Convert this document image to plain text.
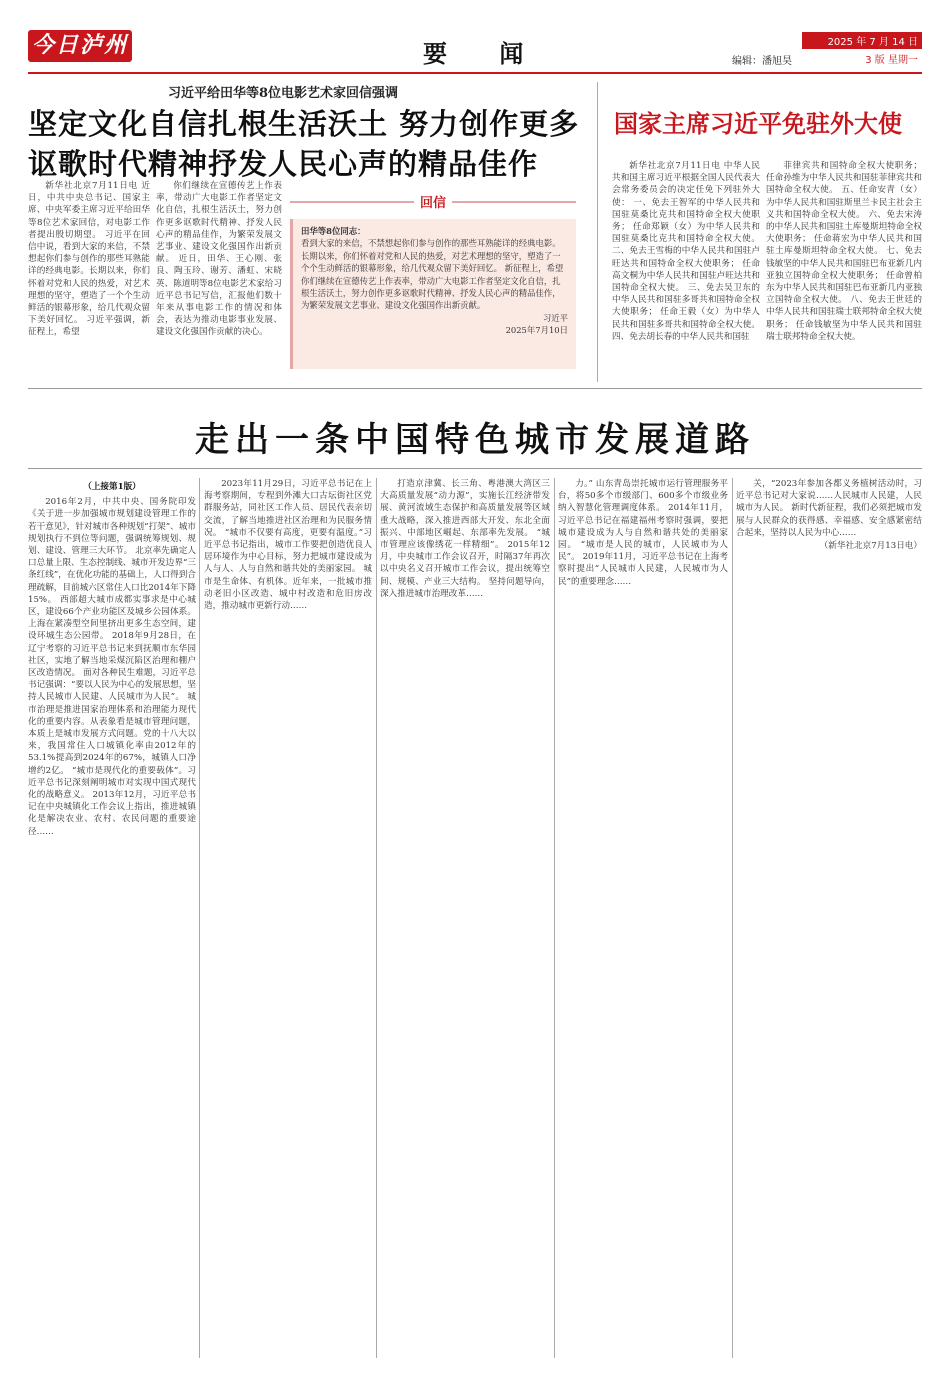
今日泸州	要 闻	编辑：潘旭昊
2025 年 7 月 14 日
3 版 星期一
习近平给田华等8位电影艺术家回信强调
坚定文化自信扎根生活沃土 努力创作更多
讴歌时代精神抒发人民心声的精品佳作
国家主席习近平免驻外大使

新华社北京7月11日电 近日，中共中央总书记、国家主席、中央军委主席习近平给田华等8位艺术家回信，对电影工作者提出殷切期望。 习近平在回信中说，看到大家的来信，不禁想起你们参与创作的那些耳熟能详的经典电影。长期以来，你们怀着对党和人民的热爱，对艺术理想的坚守，塑造了一个个生动鲜活的银幕形象，给几代观众留下美好回忆。 习近平强调，新征程上，希望

你们继续在宣德传艺上作表率，带动广大电影工作者坚定文化自信，扎根生活沃土，努力创作更多讴歌时代精神、抒发人民心声的精品佳作，为繁荣发展文艺事业、建设文化强国作出新贡献。 近日，田华、王心刚、张良、陶玉玲、谢芳、潘虹、宋晓英、陈道明等8位电影艺术家给习近平总书记写信，汇报他们数十年来从事电影工作的情况和体会，表达为推动电影事业发展、建设文化强国作贡献的决心。

回信
田华等8位同志：
看到大家的来信，不禁想起你们参与创作的那些耳熟能详的经典电影。长期以来，你们怀着对党和人民的热爱，对艺术理想的坚守，塑造了一个个生动鲜活的银幕形象，给几代观众留下美好回忆。 新征程上，希望你们继续在宣德传艺上作表率，带动广大电影工作者坚定文化自信，扎根生活沃土，努力创作更多讴歌时代精神、抒发人民心声的精品佳作，为繁荣发展文艺事业、建设文化强国作出新贡献。
习近平
2025年7月10日

新华社北京7月11日电 中华人民共和国主席习近平根据全国人民代表大会常务委员会的决定任免下列驻外大使： 一、免去王智军的中华人民共和国驻莫桑比克共和国特命全权大使职务； 任命郑颖（女）为中华人民共和国驻莫桑比克共和国特命全权大使。 二、免去王雪梅的中华人民共和国驻卢旺达共和国特命全权大使职务； 任命高文桐为中华人民共和国驻卢旺达共和国特命全权大使。 三、免去吴卫东的中华人民共和国驻多哥共和国特命全权大使职务； 任命王毅（女）为中华人民共和国驻多哥共和国特命全权大使。 四、免去胡长春的中华人民共和国驻

菲律宾共和国特命全权大使职务； 任命孙维为中华人民共和国驻菲律宾共和国特命全权大使。 五、任命安青（女）为中华人民共和国驻斯里兰卡民主社会主义共和国特命全权大使。 六、免去宋涛的中华人民共和国驻土库曼斯坦特命全权大使职务； 任命蒋宏为中华人民共和国驻土库曼斯坦特命全权大使。 七、免去钱敏坚的中华人民共和国驻巴布亚新几内亚独立国特命全权大使职务； 任命曾柏东为中华人民共和国驻巴布亚新几内亚独立国特命全权大使。 八、免去王世廷的中华人民共和国驻瑞士联邦特命全权大使职务； 任命钱敏坚为中华人民共和国驻瑞士联邦特命全权大使。

走出一条中国特色城市发展道路

（上接第1版）

2016年2月，中共中央、国务院印发《关于进一步加强城市规划建设管理工作的若干意见》，针对城市各种规划“打架”、城市规划执行不到位等问题，强调统筹规划、规划、建设、管理三大环节。 北京率先确定人口总量上限、生态控制线、城市开发边界“三条红线”，在优化功能的基础上，人口得到合理疏解，目前城六区常住人口比2014年下降15%。 西部超大城市成都实事求是中心城区，建设66个产业功能区及城乡公园体系。上海在紧凑型空间里挤出更多生态空间，建设环城生态公园带。 2018年9月28日，在辽宁考察的习近平总书记来到抚顺市东华园社区，实地了解当地采煤沉陷区治理和棚户区改造情况。 面对各种民生难题，习近平总书记强调：“要以人民为中心的发展思想，坚持人民城市人民建、人民城市为人民”。 城市治理是推进国家治理体系和治理能力现代化的重要内容。从表象看是城市管理问题，本质上是城市发展方式问题。党的十八大以来，我国常住人口城镇化率由2012年的53.1%提高到2024年的67%，城镇人口净增约2亿。 “城市是现代化的重要载体”。习近平总书记深刻阐明城市对实现中国式现代化的战略意义。 2013年12月，习近平总书记在中央城镇化工作会议上指出，推进城镇化是解决农业、农村、农民问题的重要途径……

2023年11月29日，习近平总书记在上海考察期间，专程到外滩大口古坛街社区党群服务站，同社区工作人员、居民代表亲切交流，了解当地推进社区治理和为民服务情况。 “城市不仅要有高度，更要有温度。”习近平总书记指出，城市工作要把创造优良人居环境作为中心目标，努力把城市建设成为人与人、人与自然和谐共处的美丽家园。 城市是生命体、有机体。近年来，一批城市推动老旧小区改造、城中村改造和危旧房改造，推动城市更新行动……

打造京津冀、长三角、粤港澳大湾区三大高质量发展“动力源”，实施长江经济带发展、黄河流域生态保护和高质量发展等区域重大战略，深入推进西部大开发、东北全面振兴、中部地区崛起、东部率先发展。 “城市管理应该像绣花一样精细”。 2015年12月，中央城市工作会议召开，时隔37年再次以中央名义召开城市工作会议，提出统筹空间、规模、产业三大结构。 坚持问题导向，深入推进城市治理改革……

力。” 山东青岛崇托城市运行管理服务平台，将50多个市级部门、600多个市级业务纳入智慧化管理调度体系。 2014年11月，习近平总书记在福建福州考察时强调，要把城市建设成为人与自然和谐共处的美丽家园。 “城市是人民的城市，人民城市为人民”。 2019年11月，习近平总书记在上海考察时提出“人民城市人民建，人民城市为人民”的重要理念……

关，“2023年参加各都义务植树活动时，习近平总书记对大家说……人民城市人民建，人民城市为人民。 新时代新征程，我们必须把城市发展与人民群众的获得感、幸福感、安全感紧密结合起来，坚持以人民为中心……

（新华社北京7月13日电）
